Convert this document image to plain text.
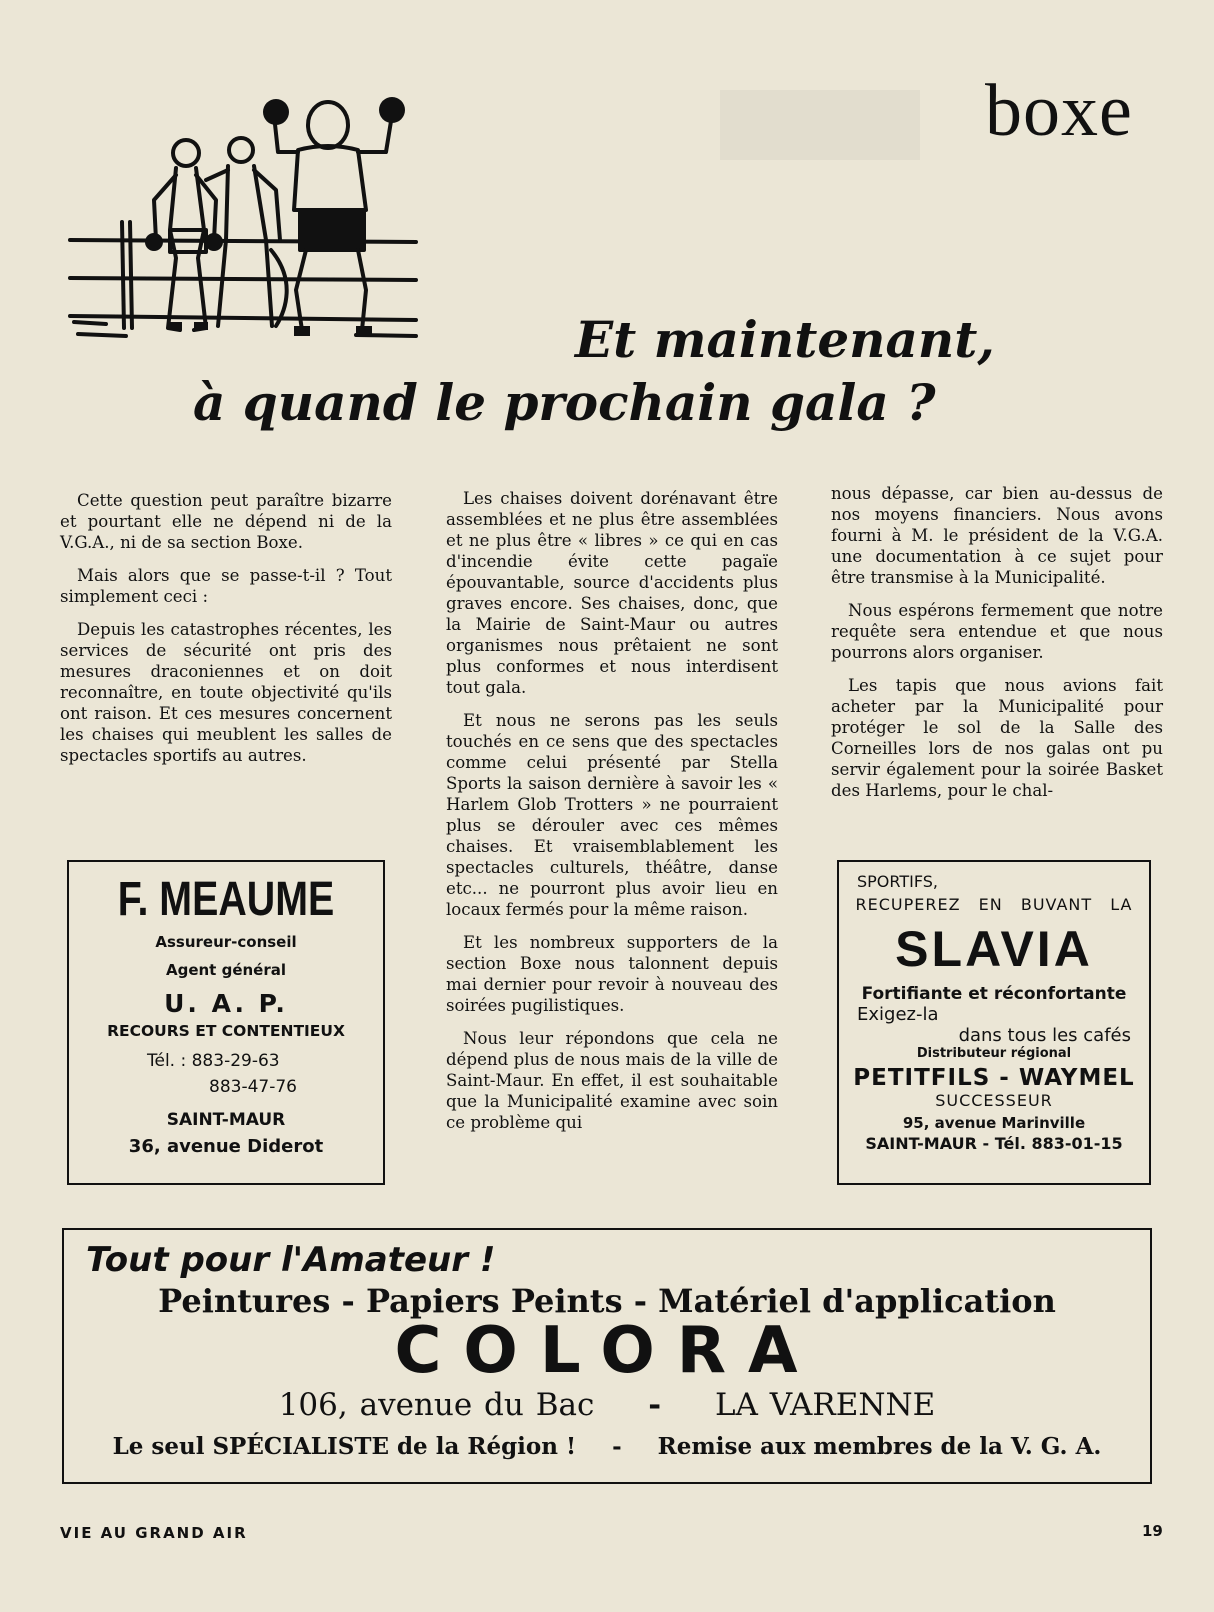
boxe
Et maintenant,
à quand le prochain gala ?

Cette question peut paraître bizarre et pourtant elle ne dépend ni de la V.G.A., ni de sa section Boxe.

Mais alors que se passe-t-il ? Tout simplement ceci :

Depuis les catastrophes récentes, les services de sécurité ont pris des mesures draconiennes et on doit reconnaître, en toute objectivité qu'ils ont raison. Et ces mesures concernent les chaises qui meublent les salles de spectacles sportifs au autres.

Les chaises doivent dorénavant être assemblées et ne plus être assemblées et ne plus être « libres » ce qui en cas d'incendie évite cette pagaïe épouvantable, source d'accidents plus graves encore. Ses chaises, donc, que la Mairie de Saint-Maur ou autres organismes nous prêtaient ne sont plus conformes et nous interdisent tout gala.

Et nous ne serons pas les seuls touchés en ce sens que des spectacles comme celui présenté par Stella Sports la saison dernière à savoir les « Harlem Glob Trotters » ne pourraient plus se dérouler avec ces mêmes chaises. Et vraisemblablement les spectacles culturels, théâtre, danse etc... ne pourront plus avoir lieu en locaux fermés pour la même raison.

Et les nombreux supporters de la section Boxe nous talonnent depuis mai dernier pour revoir à nouveau des soirées pugilistiques.

Nous leur répondons que cela ne dépend plus de nous mais de la ville de Saint-Maur. En effet, il est souhaitable que la Municipalité examine avec soin ce problème qui

nous dépasse, car bien au-dessus de nos moyens financiers. Nous avons fourni à M. le président de la V.G.A. une documentation à ce sujet pour être transmise à la Municipalité.

Nous espérons fermement que notre requête sera entendue et que nous pourrons alors organiser.

Les tapis que nous avions fait acheter par la Municipalité pour protéger le sol de la Salle des Corneilles lors de nos galas ont pu servir également pour la soirée Basket des Harlems, pour le chal-

F. MEAUME
Assureur-conseil
Agent général
U. A. P.
RECOURS ET CONTENTIEUX
Tél. : 883-29-63
883-47-76
SAINT-MAUR
36, avenue Diderot
SPORTIFS,
RECUPEREZ EN BUVANT LA
SLAVIA
Fortifiante et réconfortante
Exigez-la
dans tous les cafés
Distributeur régional
PETITFILS - WAYMEL
SUCCESSEUR
95, avenue Marinville
SAINT-MAUR - Tél. 883-01-15
Tout pour l'Amateur !
Peintures - Papiers Peints - Matériel d'application
COLORA
106, avenue du Bac - LA VARENNE
Le seul SPÉCIALISTE de la Région ! - Remise aux membres de la V. G. A.
VIE AU GRAND AIR	19
